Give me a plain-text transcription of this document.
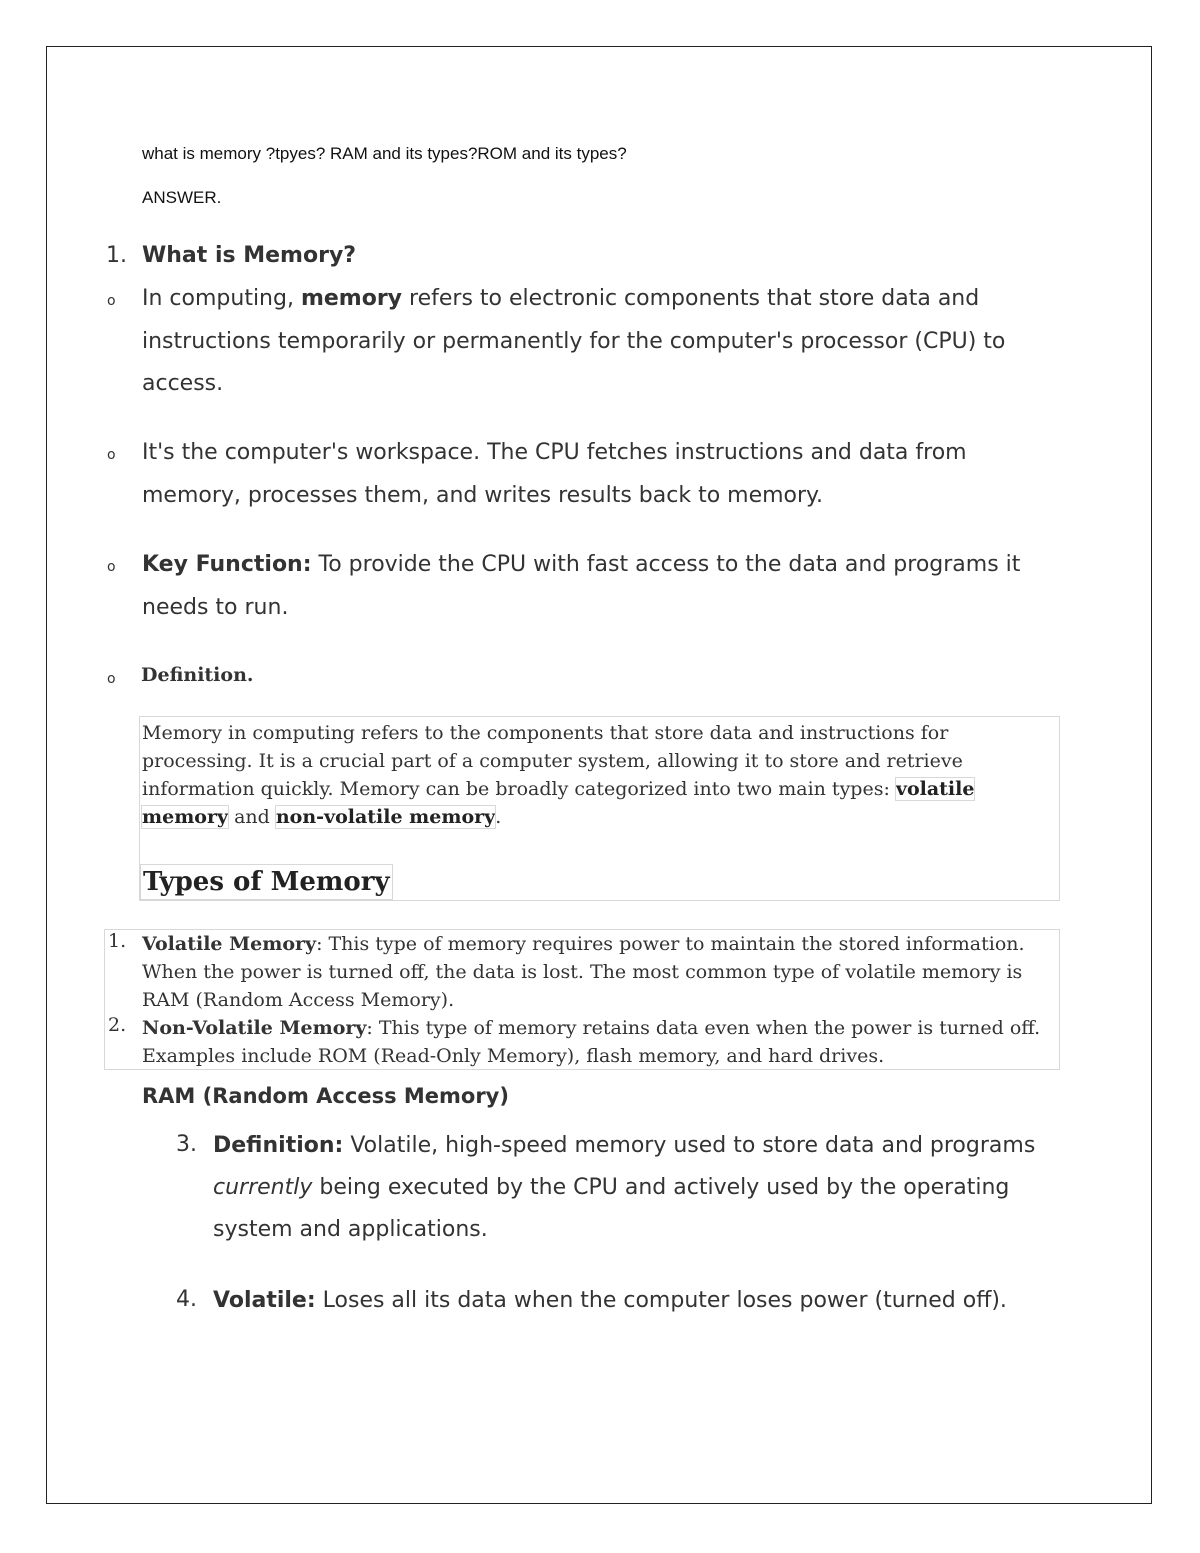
what is memory ?tpyes? RAM and its types?ROM and its types?
ANSWER.
1. What is Memory?
o In computing, memory refers to electronic components that store data and instructions temporarily or permanently for the computer's processor (CPU) to access.
o It's the computer's workspace. The CPU fetches instructions and data from memory, processes them, and writes results back to memory.
o Key Function: To provide the CPU with fast access to the data and programs it needs to run.
o Definition.
Memory in computing refers to the components that store data and instructions for processing. It is a crucial part of a computer system, allowing it to store and retrieve information quickly. Memory can be broadly categorized into two main types: volatile memory and non-volatile memory.
Types of Memory
1. Volatile Memory: This type of memory requires power to maintain the stored information. When the power is turned off, the data is lost. The most common type of volatile memory is RAM (Random Access Memory).
2. Non-Volatile Memory: This type of memory retains data even when the power is turned off. Examples include ROM (Read-Only Memory), flash memory, and hard drives.
RAM (Random Access Memory)
3. Definition: Volatile, high-speed memory used to store data and programs currently being executed by the CPU and actively used by the operating system and applications.
4. Volatile: Loses all its data when the computer loses power (turned off).
